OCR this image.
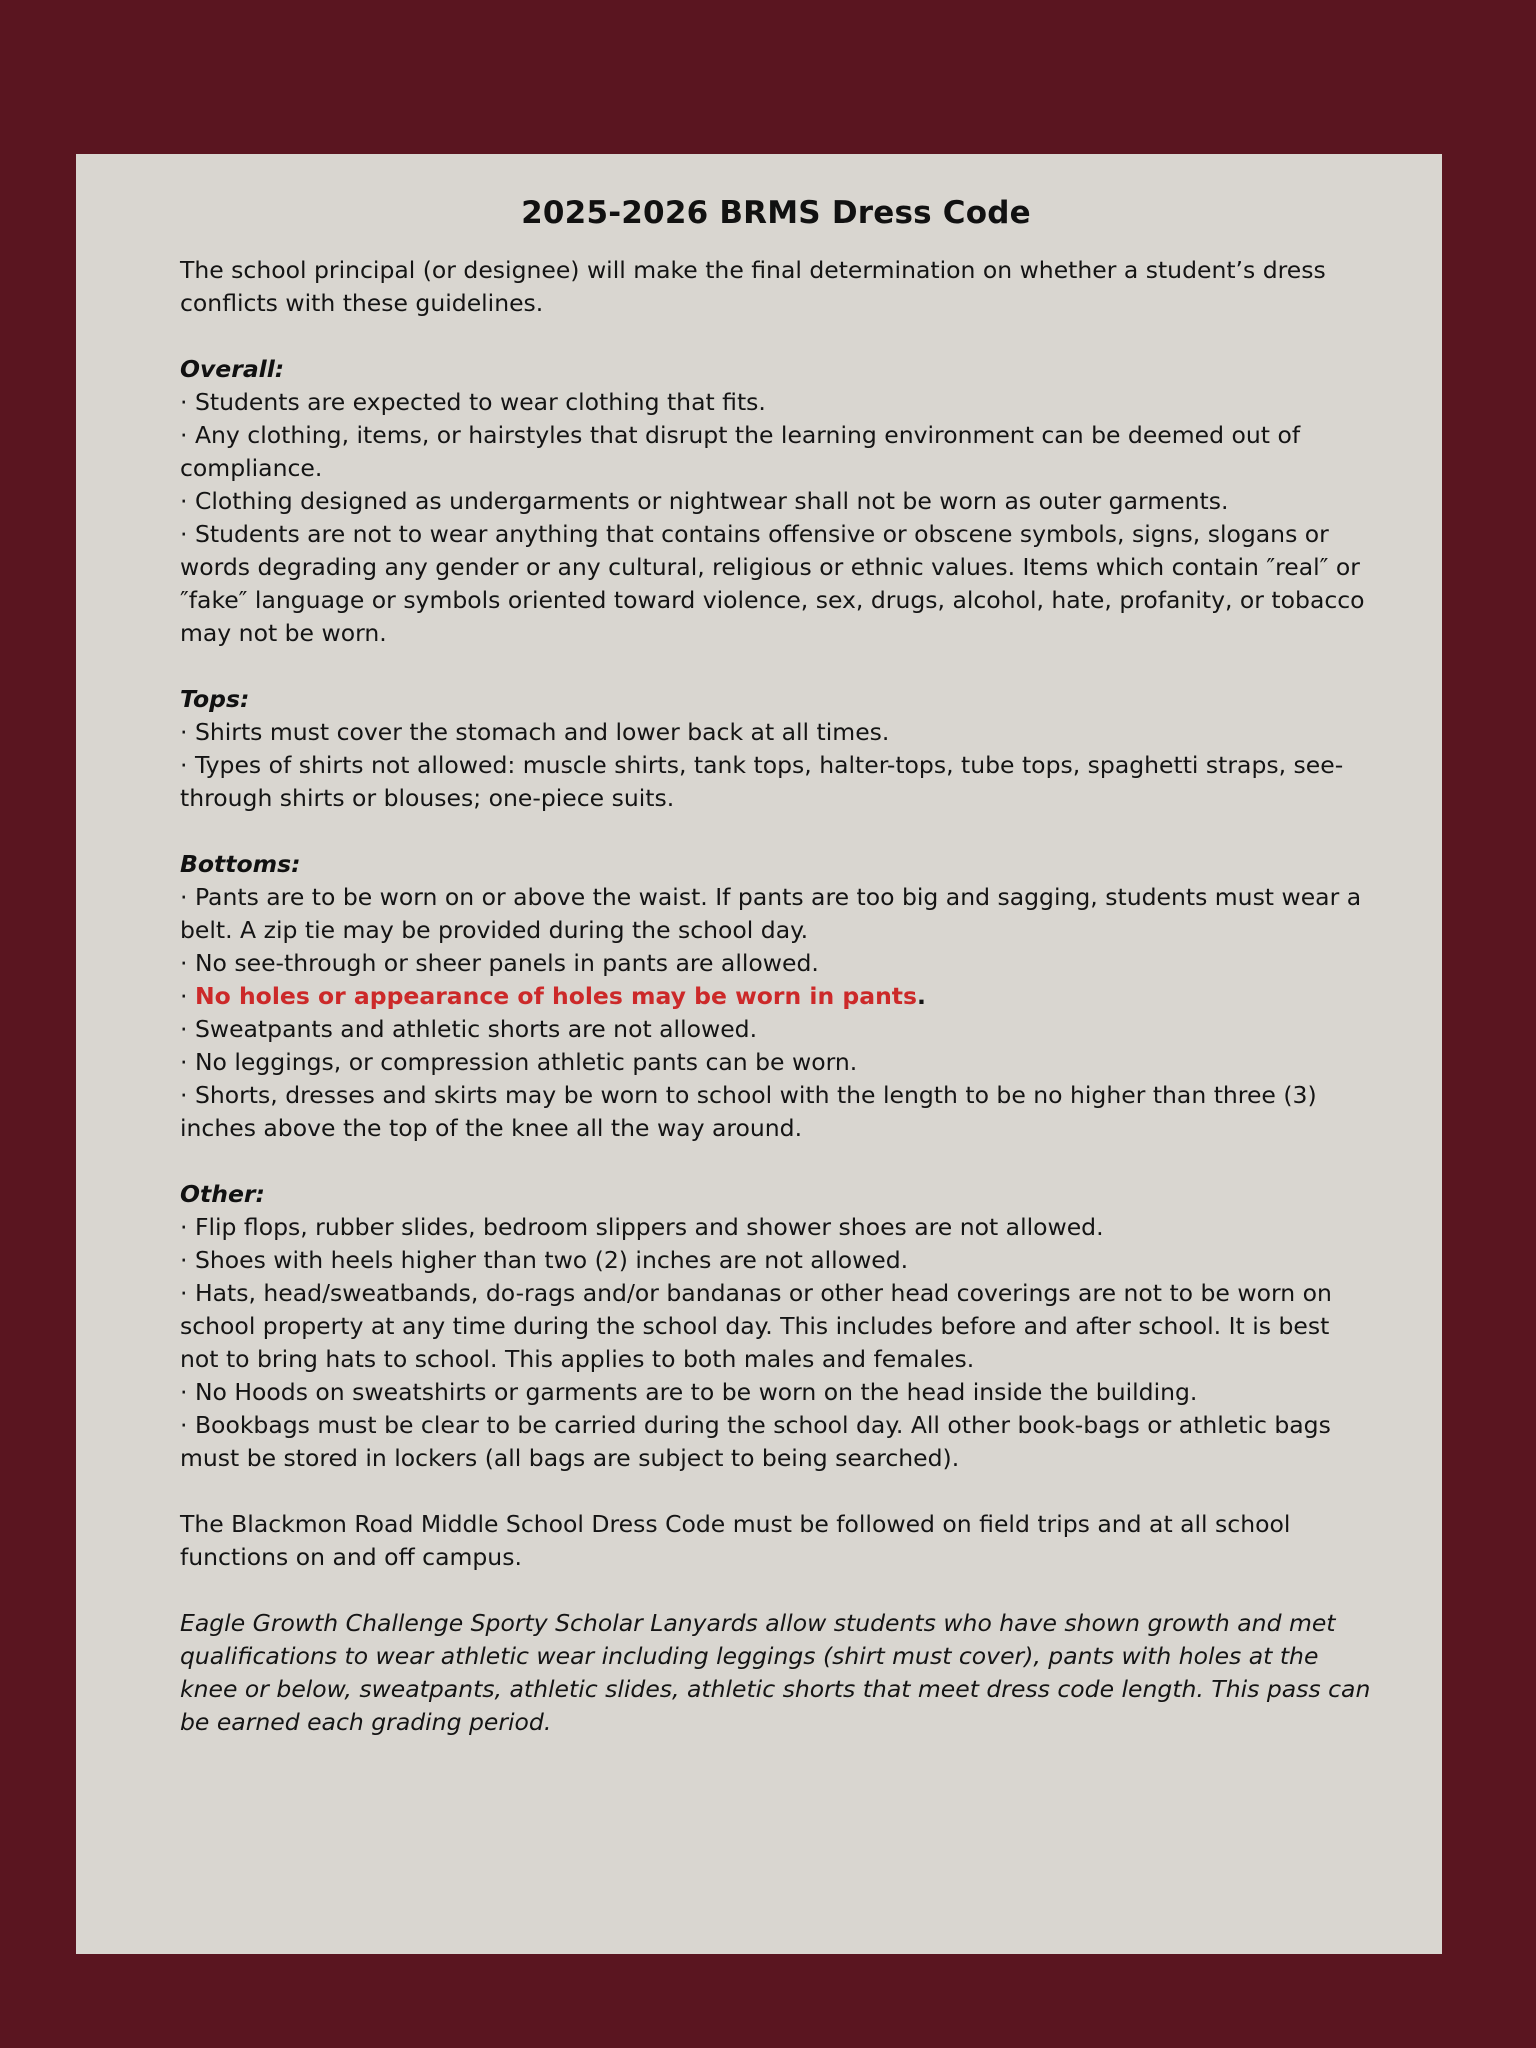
2025-2026 BRMS Dress Code

The school principal (or designee) will make the final determination on whether a student’s dress conflicts with these guidelines.

Overall:

· Students are expected to wear clothing that fits.

· Any clothing, items, or hairstyles that disrupt the learning environment can be deemed out of compliance.

· Clothing designed as undergarments or nightwear shall not be worn as outer garments.

· Students are not to wear anything that contains offensive or obscene symbols, signs, slogans or words degrading any gender or any cultural, religious or ethnic values. Items which contain ″real″ or ″fake″ language or symbols oriented toward violence, sex, drugs, alcohol, hate, profanity, or tobacco may not be worn.

Tops:

· Shirts must cover the stomach and lower back at all times.

· Types of shirts not allowed: muscle shirts, tank tops, halter-tops, tube tops, spaghetti straps, see-through shirts or blouses; one-piece suits.

Bottoms:

· Pants are to be worn on or above the waist. If pants are too big and sagging, students must wear a belt. A zip tie may be provided during the school day.

· No see-through or sheer panels in pants are allowed.

· No holes or appearance of holes may be worn in pants.

· Sweatpants and athletic shorts are not allowed.

· No leggings, or compression athletic pants can be worn.

· Shorts, dresses and skirts may be worn to school with the length to be no higher than three (3) inches above the top of the knee all the way around.

Other:

· Flip flops, rubber slides, bedroom slippers and shower shoes are not allowed.

· Shoes with heels higher than two (2) inches are not allowed.

· Hats, head/sweatbands, do-rags and/or bandanas or other head coverings are not to be worn on school property at any time during the school day. This includes before and after school. It is best not to bring hats to school. This applies to both males and females.

· No Hoods on sweatshirts or garments are to be worn on the head inside the building.

· Bookbags must be clear to be carried during the school day. All other book-bags or athletic bags must be stored in lockers (all bags are subject to being searched).

The Blackmon Road Middle School Dress Code must be followed on field trips and at all school functions on and off campus.

Eagle Growth Challenge Sporty Scholar Lanyards allow students who have shown growth and met qualifications to wear athletic wear including leggings (shirt must cover), pants with holes at the knee or below, sweatpants, athletic slides, athletic shorts that meet dress code length. This pass can be earned each grading period.
